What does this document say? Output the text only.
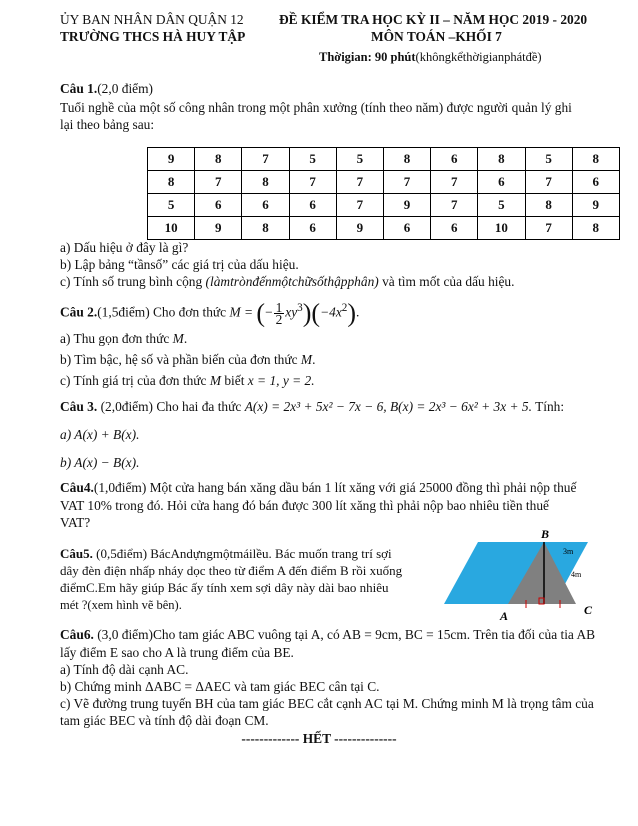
ỦY BAN NHÂN DÂN QUẬN 12
TRƯỜNG THCS HÀ HUY TẬP
ĐỀ KIỂM TRA HỌC KỲ II – NĂM HỌC 2019 - 2020
MÔN TOÁN –KHỐI 7
Thờigian: 90 phút(khôngkểthờigianphátđề)
Câu 1.(2,0 điểm)
Tuổi nghề của một số công nhân trong một phân xưởng (tính theo năm) được người quản lý ghi
lại theo bảng sau:
9	8	7	5	5	8	6	8	5	8
8	7	8	7	7	7	7	6	7	6
5	6	6	6	7	9	7	5	8	9
10	9	8	6	9	6	6	10	7	8
a) Dấu hiệu ở đây là gì?
b) Lập bảng “tầnsố” các giá trị của dấu hiệu.
c) Tính số trung bình cộng (làmtrònđếnmộtchữsốthậpphân) và tìm mốt của dấu hiệu.
Câu 2.(1,5điểm) Cho đơn thức M = (− $\frac{1}{2} xy^3)(-4x^2)$.
a) Thu gọn đơn thức M.
b) Tìm bậc, hệ số và phần biến của đơn thức M.
c) Tính giá trị của đơn thức M biết x = 1, y = 2.
Câu 3. (2,0điểm) Cho hai đa thức A(x) = 2x³ + 5x² − 7x − 6, B(x) = 2x³ − 6x² + 3x + 5. Tính:
a) A(x) + B(x).
b) A(x) − B(x).
Câu4.(1,0điểm) Một cửa hang bán xăng dầu bán 1 lít xăng với giá 25000 đồng thì phải nộp thuế
VAT 10% trong đó. Hỏi cửa hang đó bán được 300 lít xăng thì phải nộp bao nhiêu tiền thuế
VAT?
Câu5. (0,5điểm) BácAndựngmộtmáilều. Bác muốn trang trí sợi
dây đèn điện nhấp nháy dọc theo từ điểm A đến điểm B rồi xuống
điểmC.Em hãy giúp Bác ấy tính xem sợi dây này dài bao nhiêu
mét ?(xem hình vẽ bên).
B
A	C
3m
4m
Câu6. (3,0 điểm)Cho tam giác ABC vuông tại A, có AB = 9cm, BC = 15cm. Trên tia đối của tia AB
lấy điểm E sao cho A là trung điểm của BE.
a) Tính độ dài cạnh AC.
b) Chứng minh ΔABC = ΔAEC và tam giác BEC cân tại C.
c) Vẽ đường trung tuyến BH của tam giác BEC cắt cạnh AC tại M. Chứng minh M là trọng tâm của
tam giác BEC và tính độ dài đoạn CM.
------------- HẾT --------------
